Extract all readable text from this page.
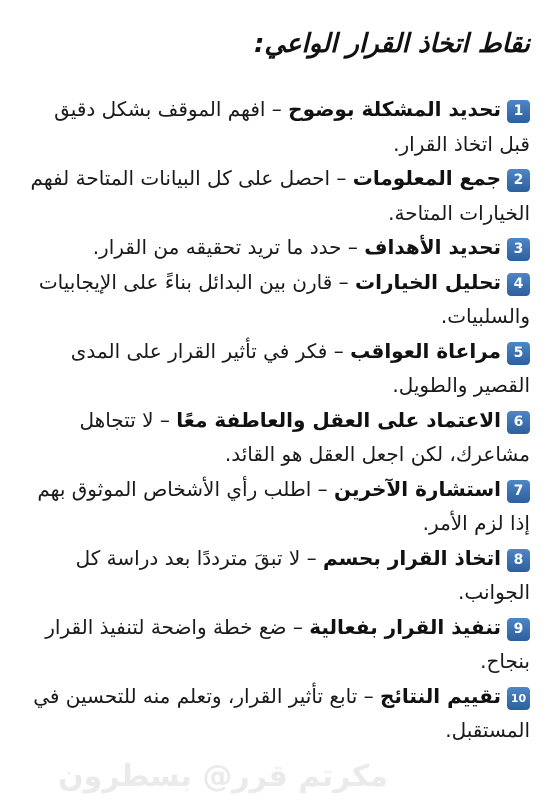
نقاط اتخاذ القرار الواعي:
1تحديد المشكلة بوضوح – افهم الموقف بشكل دقيق قبل اتخاذ القرار.
2جمع المعلومات – احصل على كل البيانات المتاحة لفهم الخيارات المتاحة.
3تحديد الأهداف – حدد ما تريد تحقيقه من القرار.
4تحليل الخيارات – قارن بين البدائل بناءً على الإيجابيات والسلبيات.
5مراعاة العواقب – فكر في تأثير القرار على المدى القصير والطويل.
6الاعتماد على العقل والعاطفة معًا – لا تتجاهل مشاعرك، لكن اجعل العقل هو القائد.
7استشارة الآخرين – اطلب رأي الأشخاص الموثوق بهم إذا لزم الأمر.
8اتخاذ القرار بحسم – لا تبقَ مترددًا بعد دراسة كل الجوانب.
9تنفيذ القرار بفعالية – ضع خطة واضحة لتنفيذ القرار بنجاح.
10تقييم النتائج – تابع تأثير القرار، وتعلم منه للتحسين في المستقبل.
مكرتم قرر@ بسطرون
